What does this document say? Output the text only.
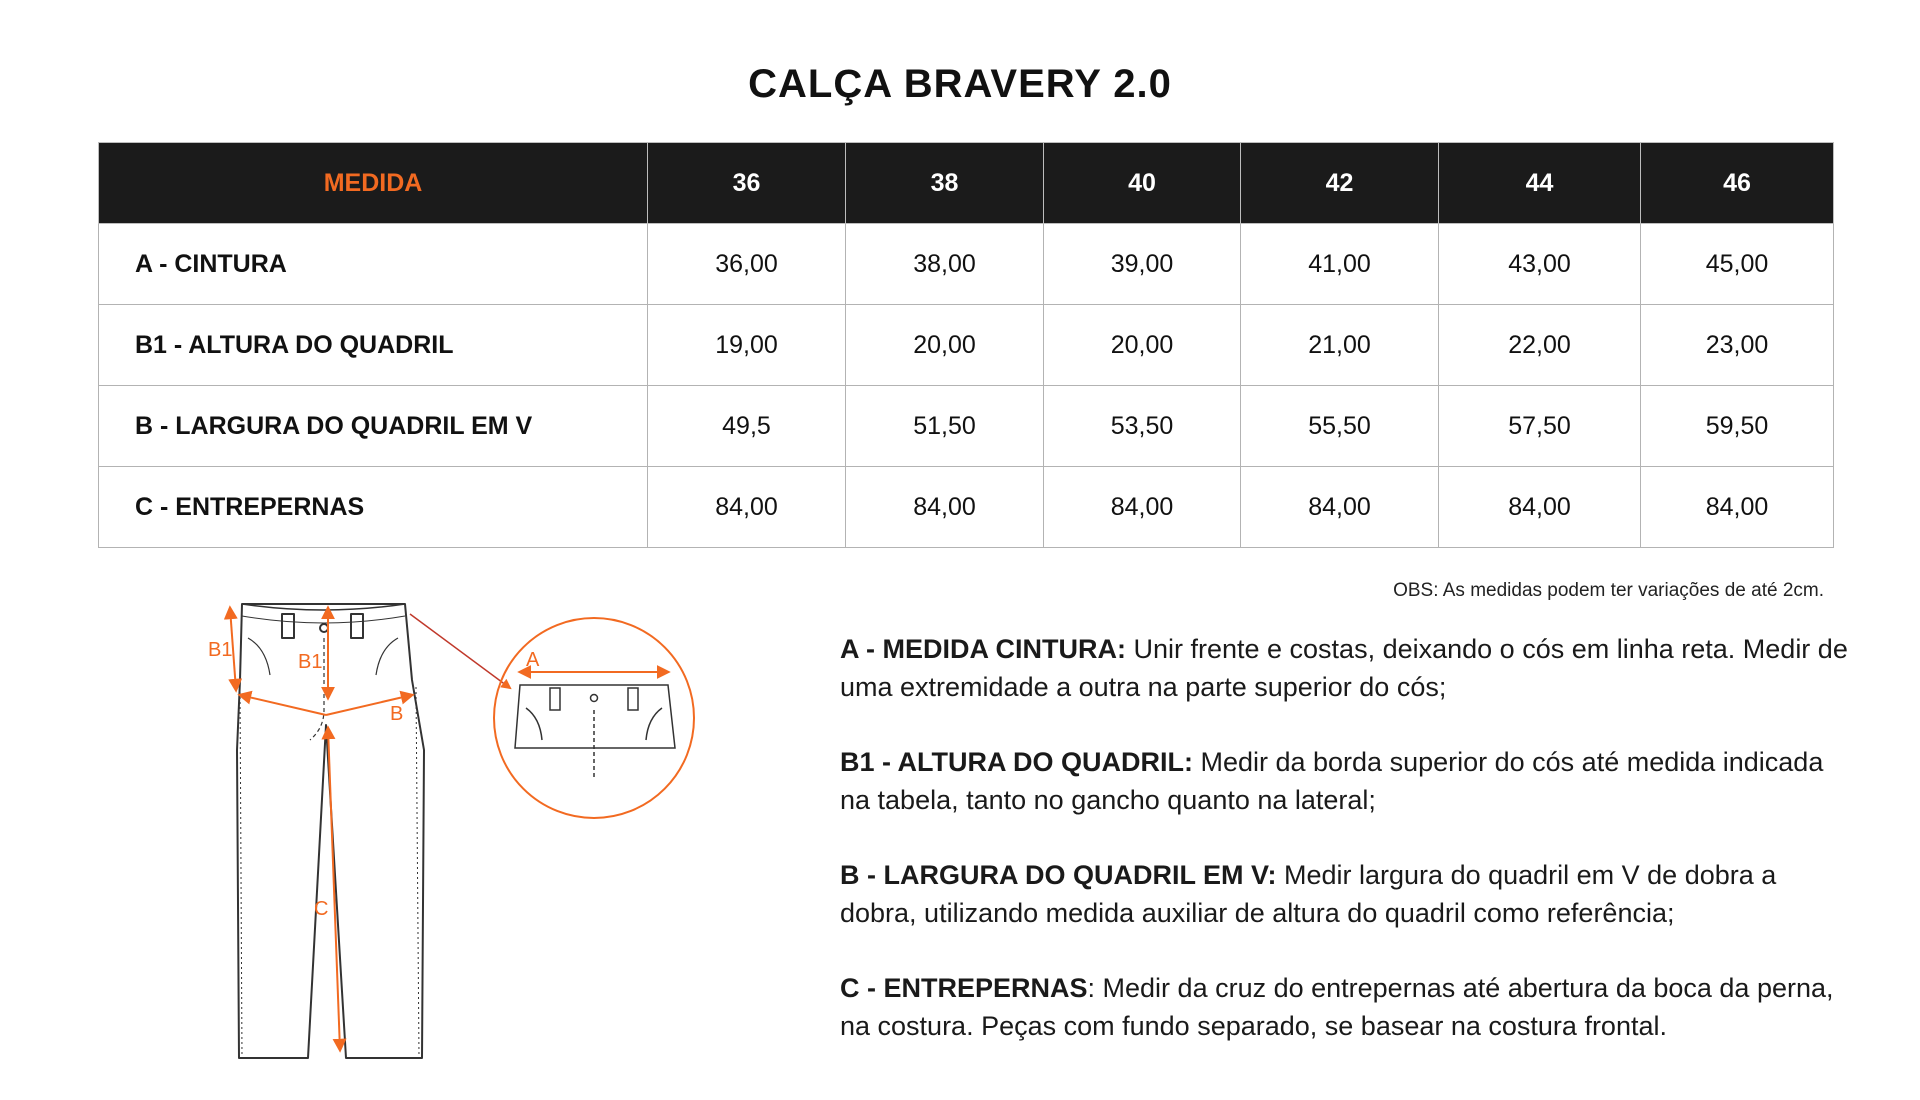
CALÇA BRAVERY 2.0
MEDIDA	36	38	40	42	44	46
A - CINTURA	36,00	38,00	39,00	41,00	43,00	45,00
B1 - ALTURA DO QUADRIL	19,00	20,00	20,00	21,00	22,00	23,00
B - LARGURA DO QUADRIL EM V	49,5	51,50	53,50	55,50	57,50	59,50
C - ENTREPERNAS	84,00	84,00	84,00	84,00	84,00	84,00
OBS: As medidas podem ter variações de até 2cm.
B1
B1
B
C
A	A - MEDIDA CINTURA: Unir frente e costas, deixando o cós em linha reta. Medir de uma extremidade a outra na parte superior do cós;

B1 - ALTURA DO QUADRIL: Medir da borda superior do cós até medida indicada na tabela, tanto no gancho quanto na lateral;

B - LARGURA DO QUADRIL EM V: Medir largura do quadril em V de dobra a dobra, utilizando medida auxiliar de altura do quadril como referência;

C - ENTREPERNAS: Medir da cruz do entrepernas até abertura da boca da perna, na costura. Peças com fundo separado, se basear na costura frontal.
